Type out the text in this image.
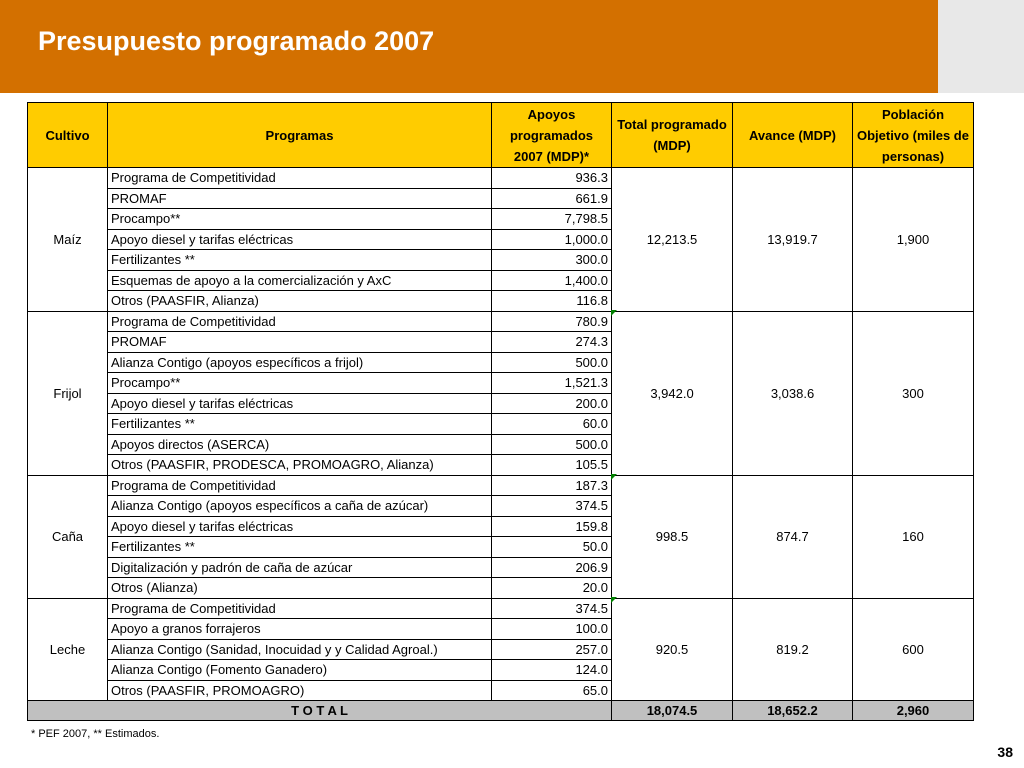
Presupuesto programado 2007
Cultivo	Programas	Apoyos programados 2007 (MDP)*	Total programado (MDP)	Avance (MDP)	Población Objetivo (miles de personas)
Maíz	Programa de Competitividad	936.3	12,213.5	13,919.7	1,900
	PROMAF	661.9			
	Procampo**	7,798.5			
	Apoyo diesel y tarifas eléctricas	1,000.0			
	Fertilizantes **	300.0			
	Esquemas de apoyo a la comercialización y AxC	1,400.0			
	Otros (PAASFIR, Alianza)	116.8			
Frijol	Programa de Competitividad	780.9	3,942.0	3,038.6	300
	PROMAF	274.3			
	Alianza Contigo (apoyos específicos a frijol)	500.0			
	Procampo**	1,521.3			
	Apoyo diesel y tarifas eléctricas	200.0			
	Fertilizantes **	60.0			
	Apoyos directos (ASERCA)	500.0			
	Otros (PAASFIR, PRODESCA, PROMOAGRO, Alianza)	105.5			
Caña	Programa de Competitividad	187.3	998.5	874.7	160
	Alianza Contigo (apoyos específicos a caña de azúcar)	374.5			
	Apoyo diesel y tarifas eléctricas	159.8			
	Fertilizantes **	50.0			
	Digitalización y padrón de caña de azúcar	206.9			
	Otros (Alianza)	20.0			
Leche	Programa de Competitividad	374.5	920.5	819.2	600
	Apoyo a granos forrajeros	100.0			
	Alianza Contigo (Sanidad, Inocuidad y y Calidad Agroal.)	257.0			
	Alianza Contigo (Fomento Ganadero)	124.0			
	Otros (PAASFIR, PROMOAGRO)	65.0			
T O T A L			18,074.5	18,652.2	2,960
* PEF 2007, ** Estimados.
38
